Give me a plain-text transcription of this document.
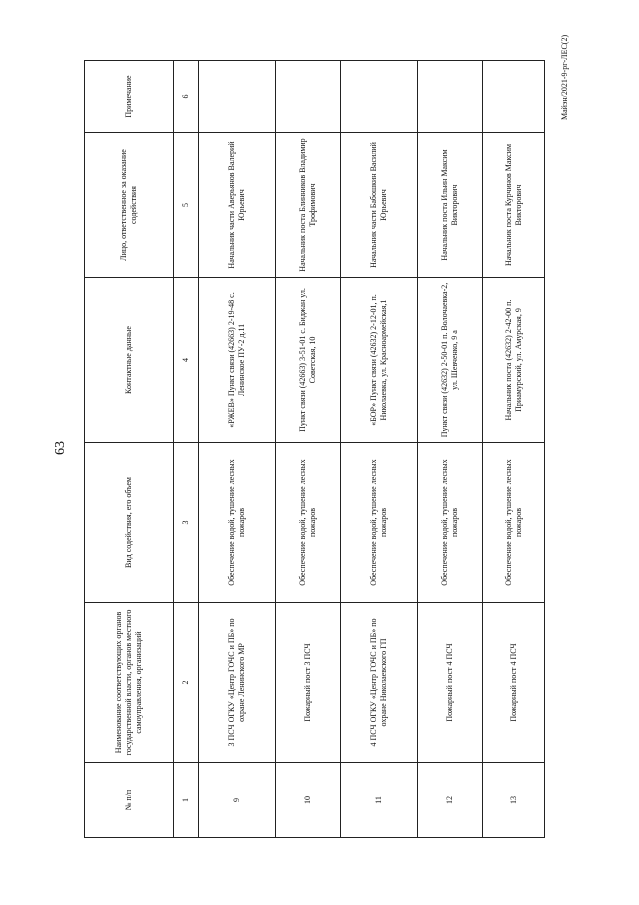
63
Майэн/2021-9-рг-ЛЕС(2)
№ п/п	Наименование соответствующих органов государственной власти, органов местного самоуправления, организаций	Вид содействия, его объем	Контактные данные	Лицо, ответственное за оказание содействия	Примечание
1	2	3	4	5	6
9	3 ПСЧ ОГКУ «Центр ГОЧС и ПБ» по охране Ленинского МР	Обеспечение водой, тушение лесных пожаров	«РЖЕВ» Пункт связи (42663) 2-19-48 с. Ленинское ПУ-2 д.11	Начальник части Аверьянов Валерий Юрьевич	
10	Пожарный пост 3 ПСЧ	Обеспечение водой, тушение лесных пожаров	Пункт связи (42663) 3-51-01 с. Биджан ул. Советская, 10	Начальник поста Блинников Владимир Трофимович	
11	4 ПСЧ ОГКУ «Центр ГОЧС и ПБ» по охране Николаевского ГП	Обеспечение водой, тушение лесных пожаров	«БОР» Пункт связи (42632) 2-12-01, п. Николаевка, ул. Красноармейская,1	Начальник части Бабошкин Василий Юрьевич	
12	Пожарный пост 4 ПСЧ	Обеспечение водой, тушение лесных пожаров	Пункт связи (42632) 2-50-01 п. Волочаевка-2, ул. Шевченко, 9 а	Начальник поста Ильин Максим Викторович	
13	Пожарный пост 4 ПСЧ	Обеспечение водой, тушение лесных пожаров	Начальник поста (42632) 2-42-00 п. Приамурский, ул. Амурская, 9	Начальник поста Курчинов Максим Викторович	
